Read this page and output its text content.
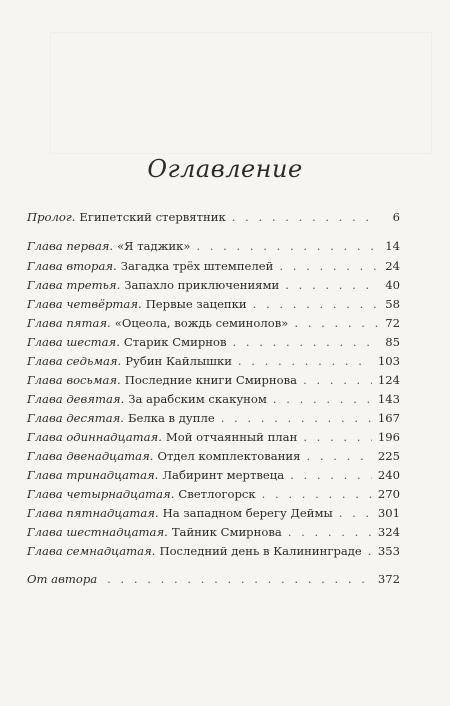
Оглавление
Пролог. Египетский стервятник . . .	6
Глава первая. «Я таджик» . . .	14
Глава вторая. Загадка трёх штемпелей . . .	24
Глава третья. Запахло приключениями . . .	40
Глава четвёртая. Первые зацепки . . .	58
Глава пятая. «Оцеола, вождь семинолов» . . .	72
Глава шестая. Старик Смирнов . . .	85
Глава седьмая. Рубин Кайлышки . . .	103
Глава восьмая. Последние книги Смирнова . . .	124
Глава девятая. За арабским скакуном . . .	143
Глава десятая. Белка в дупле . . .	167
Глава одиннадцатая. Мой отчаянный план . . .	196
Глава двенадцатая. Отдел комплектования . . .	225
Глава тринадцатая. Лабиринт мертвеца . . .	240
Глава четырнадцатая. Светлогорск . . .	270
Глава пятнадцатая. На западном берегу Деймы . . .	301
Глава шестнадцатая. Тайник Смирнова . . .	324
Глава семнадцатая. Последний день в Калининграде . . . 353
От автора . . .	372
